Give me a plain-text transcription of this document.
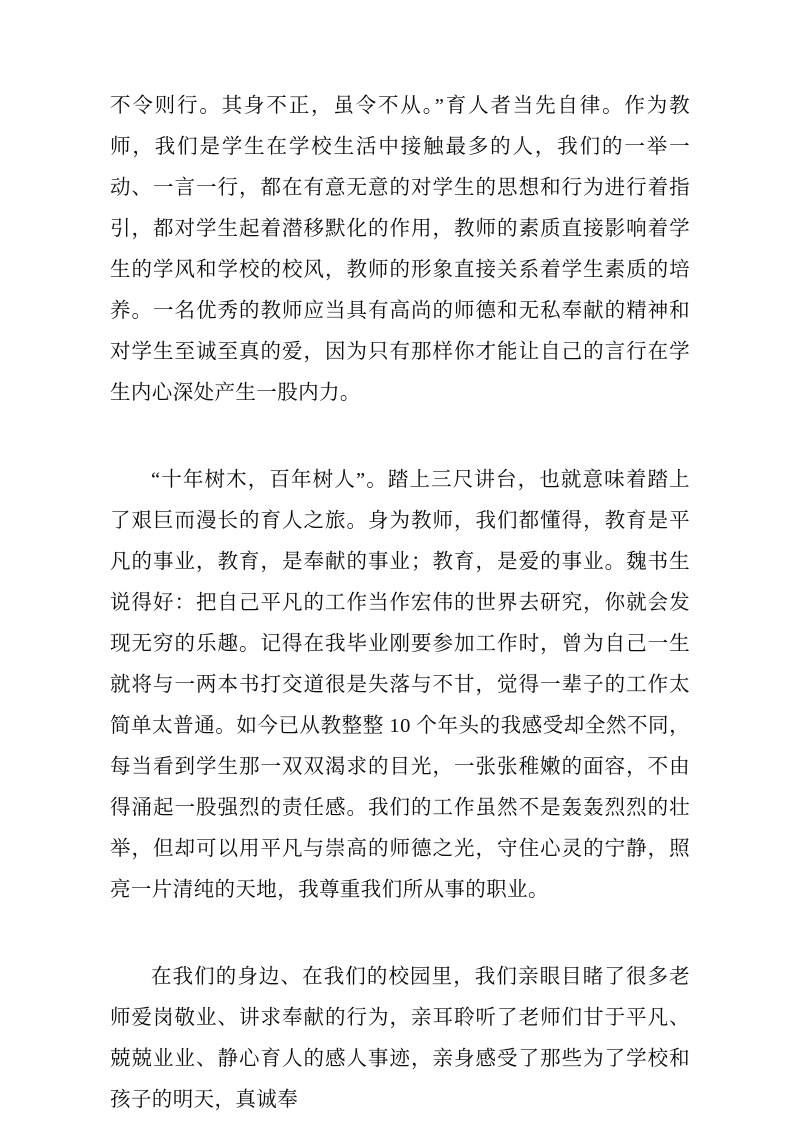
不令则行。其身不正，虽令不从。”育人者当先自律。作为教师，我们是学生在学校生活中接触最多的人，我们的一举一动、一言一行，都在有意无意的对学生的思想和行为进行着指引，都对学生起着潜移默化的作用，教师的素质直接影响着学生的学风和学校的校风，教师的形象直接关系着学生素质的培养。一名优秀的教师应当具有高尚的师德和无私奉献的精神和对学生至诚至真的爱，因为只有那样你才能让自己的言行在学生内心深处产生一股内力。

“十年树木，百年树人”。踏上三尺讲台，也就意味着踏上了艰巨而漫长的育人之旅。身为教师，我们都懂得，教育是平凡的事业，教育，是奉献的事业；教育，是爱的事业。魏书生说得好：把自己平凡的工作当作宏伟的世界去研究，你就会发现无穷的乐趣。记得在我毕业刚要参加工作时，曾为自己一生就将与一两本书打交道很是失落与不甘，觉得一辈子的工作太简单太普通。如今已从教整整 10 个年头的我感受却全然不同，每当看到学生那一双双渴求的目光，一张张稚嫩的面容，不由得涌起一股强烈的责任感。我们的工作虽然不是轰轰烈烈的壮举，但却可以用平凡与崇高的师德之光，守住心灵的宁静，照亮一片清纯的天地，我尊重我们所从事的职业。

在我们的身边、在我们的校园里，我们亲眼目睹了很多老师爱岗敬业、讲求奉献的行为，亲耳聆听了老师们甘于平凡、兢兢业业、静心育人的感人事迹，亲身感受了那些为了学校和孩子的明天，真诚奉
